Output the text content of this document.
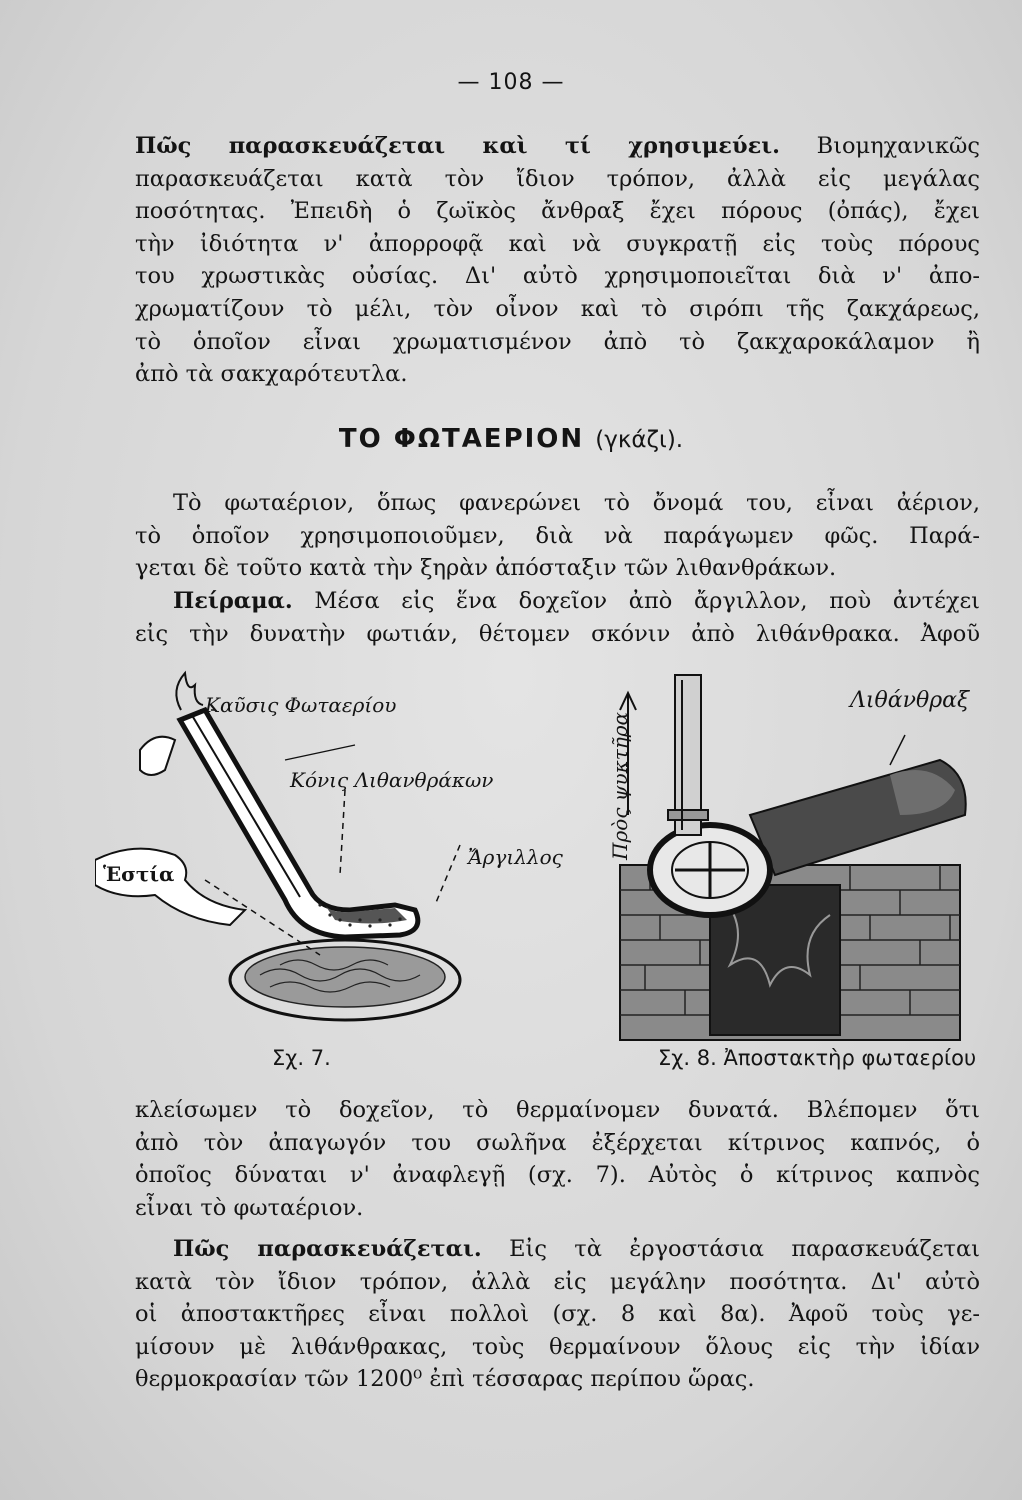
— 108 —
Πῶς παρασκευάζεται καὶ τί χρησιμεύει. Βιομηχανικῶς
παρασκευάζεται κατὰ τὸν ἴδιον τρόπον, ἀλλὰ εἰς μεγάλας
ποσότητας. Ἐπειδὴ ὁ ζωϊκὸς ἄνθραξ ἔχει πόρους (ὀπάς), ἔχει
τὴν ἰδιότητα ν' ἀπορροφᾷ καὶ νὰ συγκρατῇ εἰς τοὺς πόρους
του χρωστικὰς οὐσίας. Δι' αὐτὸ χρησιμοποιεῖται διὰ ν' ἀπο-
χρωματίζουν τὸ μέλι, τὸν οἶνον καὶ τὸ σιρόπι τῆς ζακχάρεως,
τὸ ὁποῖον εἶναι χρωματισμένον ἀπὸ τὸ ζακχαροκάλαμον ἢ
ἀπὸ τὰ σακχαρότευτλα.
ΤΟ ΦΩΤΑΕΡΙΟΝ (γκάζι).
Τὸ φωταέριον, ὅπως φανερώνει τὸ ὄνομά του, εἶναι ἀέριον,
τὸ ὁποῖον χρησιμοποιοῦμεν, διὰ νὰ παράγωμεν φῶς. Παρά-
γεται δὲ τοῦτο κατὰ τὴν ξηρὰν ἀπόσταξιν τῶν λιθανθράκων.
Πείραμα. Μέσα εἰς ἕνα δοχεῖον ἀπὸ ἄργιλλον, ποὺ ἀντέχει
εἰς τὴν δυνατὴν φωτιάν, θέτομεν σκόνιν ἀπὸ λιθάνθρακα. Ἀφοῦ
Καῦσις Φωταερίου
Κόνις Λιθανθράκων
Ἄργιλλος
Ἑστία
Σχ. 7.
Πρὸς ψυκτῆρα
Λιθάνθραξ
Σχ. 8. Ἀποστακτὴρ φωταερίου
κλείσωμεν τὸ δοχεῖον, τὸ θερμαίνομεν δυνατά. Βλέπομεν ὅτι
ἀπὸ τὸν ἀπαγωγόν του σωλῆνα ἐξέρχεται κίτρινος καπνός, ὁ
ὁποῖος δύναται ν' ἀναφλεγῇ (σχ. 7). Αὐτὸς ὁ κίτρινος καπνὸς
εἶναι τὸ φωταέριον.
Πῶς παρασκευάζεται. Εἰς τὰ ἐργοστάσια παρασκευάζεται
κατὰ τὸν ἴδιον τρόπον, ἀλλὰ εἰς μεγάλην ποσότητα. Δι' αὐτὸ
οἱ ἀποστακτῆρες εἶναι πολλοὶ (σχ. 8 καὶ 8α). Ἀφοῦ τοὺς γε-
μίσουν μὲ λιθάνθρακας, τοὺς θερμαίνουν ὅλους εἰς τὴν ἰδίαν
θερμοκρασίαν τῶν 1200⁰ ἐπὶ τέσσαρας περίπου ὥρας.
